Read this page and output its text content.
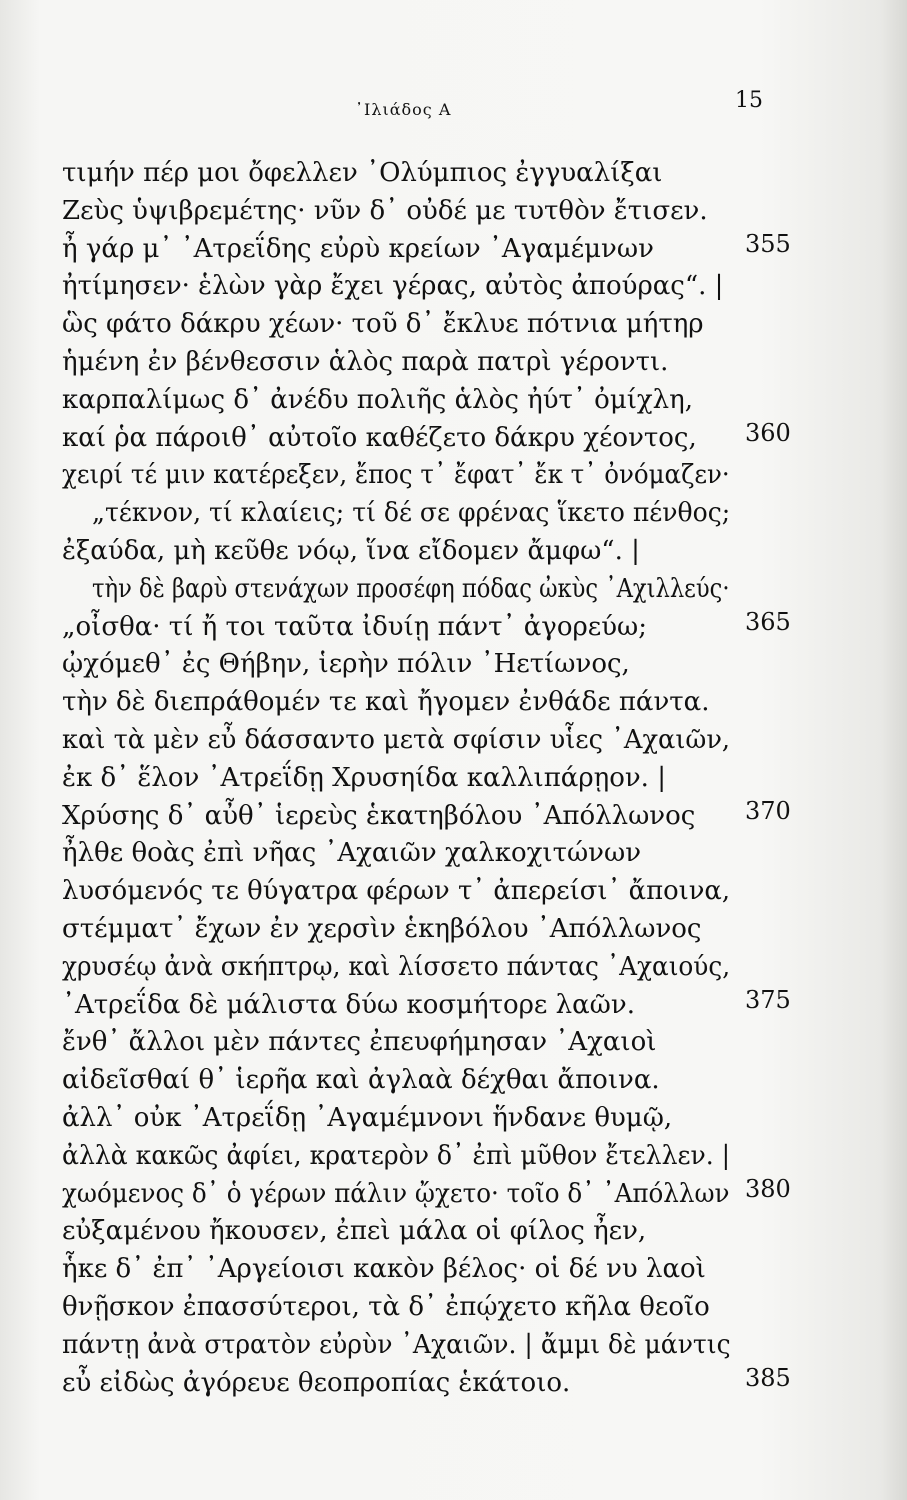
᾿Ιλιάδος Α	15
τιμήν πέρ μοι ὄφελλεν ᾿Ολύμπιος ἐγγυαλίξαι
Ζεὺς ὑψιβρεμέτης· νῦν δ᾿ οὐδέ με τυτθὸν ἔτισεν.
ἦ γάρ μ᾿ ᾿Ατρεΐδης εὐρὺ κρείων ᾿Αγαμέμνων	355
ἠτίμησεν· ἑλὼν γὰρ ἔχει γέρας, αὐτὸς ἀπούρας“. |
ὣς φάτο δάκρυ χέων· τοῦ δ᾿ ἔκλυε πότνια μήτηρ
ἡμένη ἐν βένθεσσιν ἁλὸς παρὰ πατρὶ γέροντι.
καρπαλίμως δ᾿ ἀνέδυ πολιῆς ἁλὸς ἠύτ᾿ ὀμίχλη,
καί ῥα πάροιθ᾿ αὐτοῖο καθέζετο δάκρυ χέοντος, 360
χειρί τέ μιν κατέρεξεν, ἔπος τ᾿ ἔφατ᾿ ἔκ τ᾿ ὀνόμαζεν·
„τέκνον, τί κλαίεις; τί δέ σε φρένας ἵκετο πένθος;
ἐξαύδα, μὴ κεῦθε νόῳ, ἵνα εἴδομεν ἄμφω“. |
τὴν δὲ βαρὺ στενάχων προσέφη πόδας ὠκὺς ᾿Αχιλλεύς·
„οἶσθα· τί ἤ τοι ταῦτα ἰδυίῃ πάντ᾿ ἀγορεύω;	365
ᾠχόμεθ᾿ ἐς Θήβην, ἱερὴν πόλιν ᾿Ηετίωνος,
τὴν δὲ διεπράθομέν τε καὶ ἤγομεν ἐνθάδε πάντα.
καὶ τὰ μὲν εὖ δάσσαντο μετὰ σφίσιν υἷες ᾿Αχαιῶν,
ἐκ δ᾿ ἕλον ᾿Ατρεΐδῃ Χρυσηίδα καλλιπάρῃον. |
Χρύσης δ᾿ αὖθ᾿ ἱερεὺς ἑκατηβόλου ᾿Απόλλωνος 370
ἦλθε θοὰς ἐπὶ νῆας ᾿Αχαιῶν χαλκοχιτώνων
λυσόμενός τε θύγατρα φέρων τ᾿ ἀπερείσι᾿ ἄποινα,
στέμματ᾿ ἔχων ἐν χερσὶν ἑκηβόλου ᾿Απόλλωνος
χρυσέῳ ἀνὰ σκήπτρῳ, καὶ λίσσετο πάντας ᾿Αχαιούς,
᾿Ατρεΐδα δὲ μάλιστα δύω κοσμήτορε λαῶν.	375
ἔνθ᾿ ἄλλοι μὲν πάντες ἐπευφήμησαν ᾿Αχαιοὶ
αἰδεῖσθαί θ᾿ ἱερῆα καὶ ἀγλαὰ δέχθαι ἄποινα.
ἀλλ᾿ οὐκ ᾿Ατρεΐδῃ ᾿Αγαμέμνονι ἥνδανε θυμῷ,
ἀλλὰ κακῶς ἀφίει, κρατερὸν δ᾿ ἐπὶ μῦθον ἔτελλεν. |
χωόμενος δ᾿ ὁ γέρων πάλιν ᾤχετο· τοῖο δ᾿ ᾿Απόλλων 380
εὐξαμένου ἤκουσεν, ἐπεὶ μάλα οἱ φίλος ἦεν,
ἧκε δ᾿ ἐπ᾿ ᾿Αργείοισι κακὸν βέλος· οἱ δέ νυ λαοὶ
θνῇσκον ἐπασσύτεροι, τὰ δ᾿ ἐπῴχετο κῆλα θεοῖο
πάντῃ ἀνὰ στρατὸν εὐρὺν ᾿Αχαιῶν. | ἄμμι δὲ μάντις
εὖ εἰδὼς ἀγόρευε θεοπροπίας ἑκάτοιο.	385
